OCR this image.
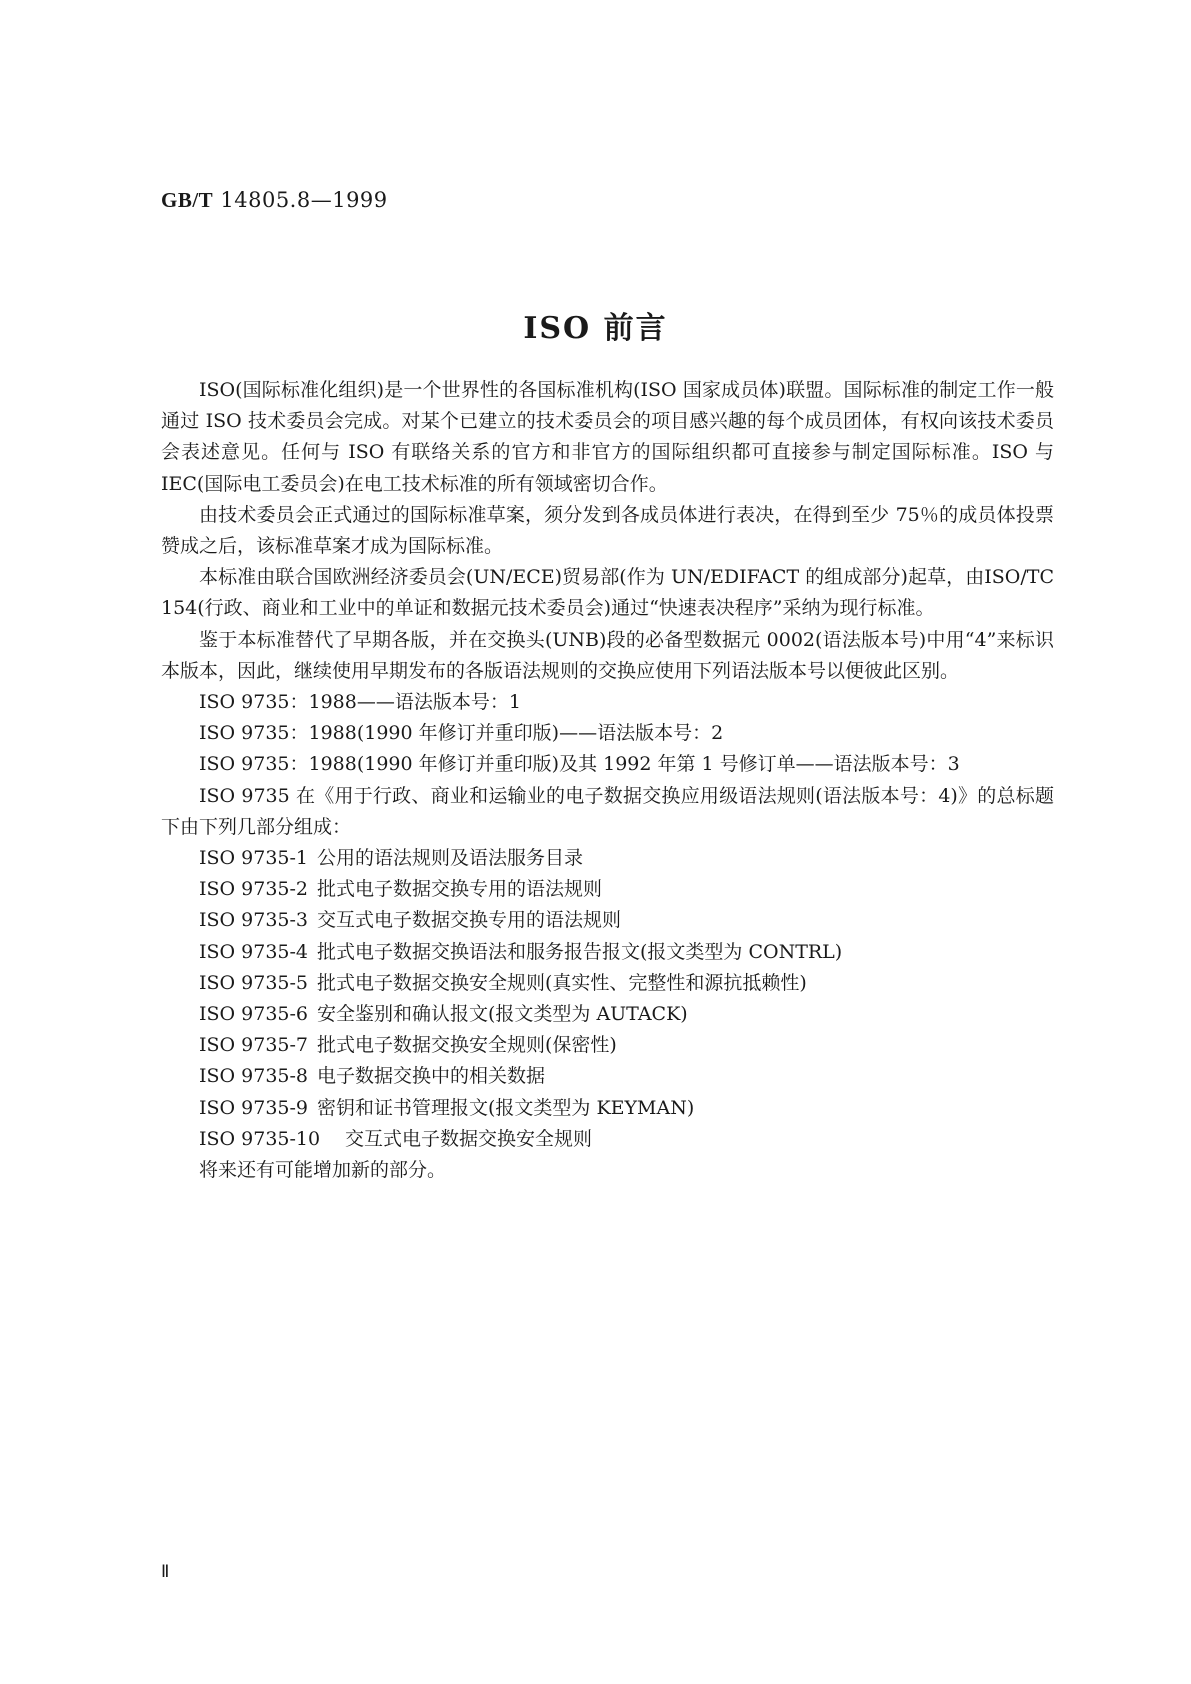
GB/T 14805.8—1999
ISO 前言

ISO(国际标准化组织)是一个世界性的各国标准机构(ISO 国家成员体)联盟。国际标准的制定工作一般通过 ISO 技术委员会完成。对某个已建立的技术委员会的项目感兴趣的每个成员团体，有权向该技术委员会表述意见。任何与 ISO 有联络关系的官方和非官方的国际组织都可直接参与制定国际标准。ISO 与 IEC(国际电工委员会)在电工技术标准的所有领域密切合作。

由技术委员会正式通过的国际标准草案，须分发到各成员体进行表决，在得到至少 75％的成员体投票赞成之后，该标准草案才成为国际标准。

本标准由联合国欧洲经济委员会(UN/ECE)贸易部(作为 UN/EDIFACT 的组成部分)起草，由ISO/TC 154(行政、商业和工业中的单证和数据元技术委员会)通过“快速表决程序”采纳为现行标准。

鉴于本标准替代了早期各版，并在交换头(UNB)段的必备型数据元 0002(语法版本号)中用“4”来标识本版本，因此，继续使用早期发布的各版语法规则的交换应使用下列语法版本号以便彼此区别。

ISO 9735：1988——语法版本号：1

ISO 9735：1988(1990 年修订并重印版)——语法版本号：2

ISO 9735：1988(1990 年修订并重印版)及其 1992 年第 1 号修订单——语法版本号：3

ISO 9735 在《用于行政、商业和运输业的电子数据交换应用级语法规则(语法版本号：4)》的总标题下由下列几部分组成：

ISO 9735-1 公用的语法规则及语法服务目录

ISO 9735-2 批式电子数据交换专用的语法规则

ISO 9735-3 交互式电子数据交换专用的语法规则

ISO 9735-4 批式电子数据交换语法和服务报告报文(报文类型为 CONTRL)

ISO 9735-5 批式电子数据交换安全规则(真实性、完整性和源抗抵赖性)

ISO 9735-6 安全鉴别和确认报文(报文类型为 AUTACK)

ISO 9735-7 批式电子数据交换安全规则(保密性)

ISO 9735-8 电子数据交换中的相关数据

ISO 9735-9 密钥和证书管理报文(报文类型为 KEYMAN)

ISO 9735-10 交互式电子数据交换安全规则

将来还有可能增加新的部分。

Ⅱ
